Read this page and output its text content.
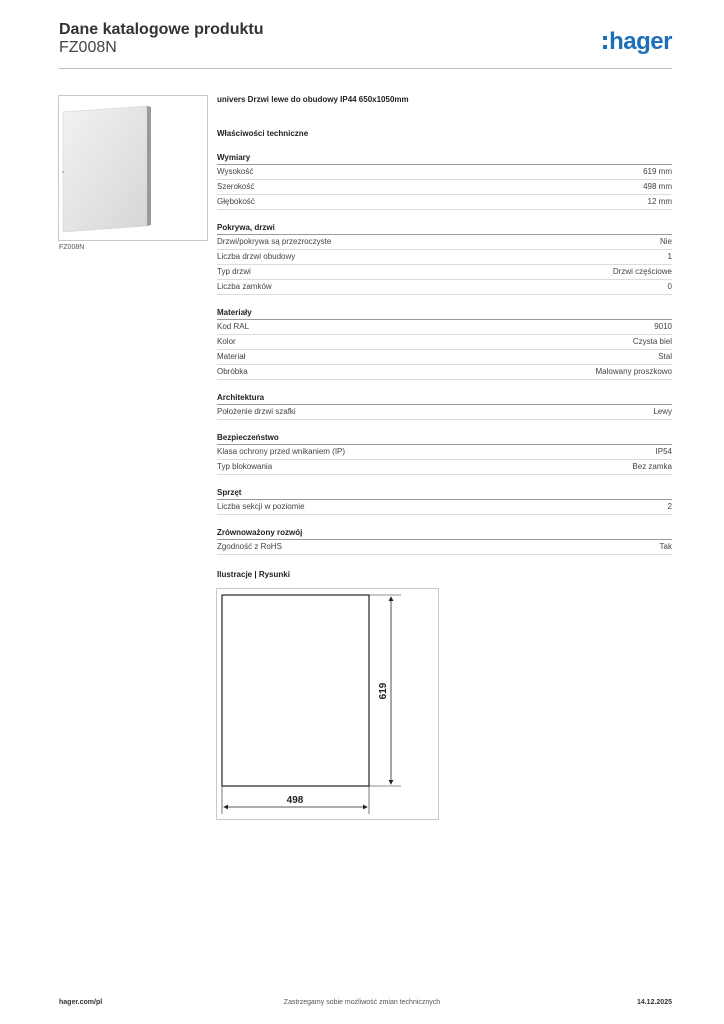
Dane katalogowe produktu
FZ008N	hager
FZ008N
univers Drzwi lewe do obudowy IP44 650x1050mm
Właściwości techniczne
Wymiary
Wysokość	619 mm
Szerokość	498 mm
Głębokość	12 mm
Pokrywa, drzwi
Drzwi/pokrywa są przezroczyste	Nie
Liczba drzwi obudowy	1
Typ drzwi	Drzwi częściowe
Liczba zamków	0
Materiały
Kod RAL	9010
Kolor	Czysta biel
Materiał	Stal
Obróbka	Malowany proszkowo
Architektura
Położenie drzwi szafki	Lewy
Bezpieczeństwo
Klasa ochrony przed wnikaniem (IP)	IP54
Typ blokowania	Bez zamka
Sprzęt
Liczba sekcji w poziomie	2
Zrównoważony rozwój
Zgodność z RoHS	Tak
Ilustracje | Rysunki
619
498
Zastrzegamy sobie możliwość zmian technicznych
hager.com/pl	14.12.2025
